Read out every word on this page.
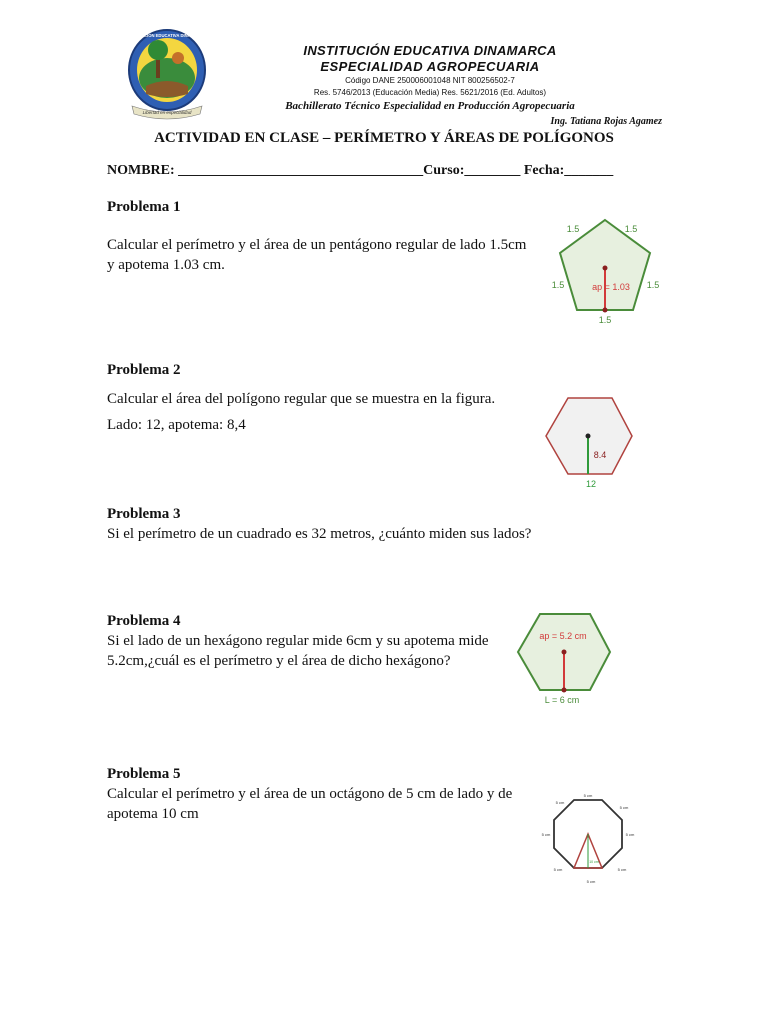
Libertad en especialidad
INSTITUCIÓN EDUCATIVA DINAMARCA
INSTITUCIÓN EDUCATIVA DINAMARCA
ESPECIALIDAD AGROPECUARIA
Código DANE 250006001048 NIT 800256502-7
Res. 5746/2013 (Educación Media) Res. 5621/2016 (Ed. Adultos)
Bachillerato Técnico Especialidad en Producción Agropecuaria
Ing. Tatiana Rojas Agamez
ACTIVIDAD EN CLASE – PERÍMETRO Y ÁREAS DE POLÍGONOS
NOMBRE: ___________________________________Curso:________ Fecha:_______
Problema 1
Calcular el perímetro y el área de un pentágono regular de lado 1.5cm y apotema 1.03 cm.
1.5	1.5
1.5	1.5
1.5
ap = 1.03
Problema 2
Calcular el área del polígono regular que se muestra en la figura.
Lado: 12, apotema: 8,4
8.4
12
Problema 3
Si el perímetro de un cuadrado es 32 metros, ¿cuánto miden sus lados?
Problema 4
Si el lado de un hexágono regular mide 6cm y su apotema mide 5.2cm,¿cuál es el perímetro y el área de dicho hexágono?
ap = 5.2 cm
L = 6 cm
Problema 5
Calcular el perímetro y el área de un octágono de 5 cm de lado y de apotema 10 cm
5 cm
5 cm
5 cm
5 cm	5 cm
5 cm	5 cm
5 cm
10 cm
